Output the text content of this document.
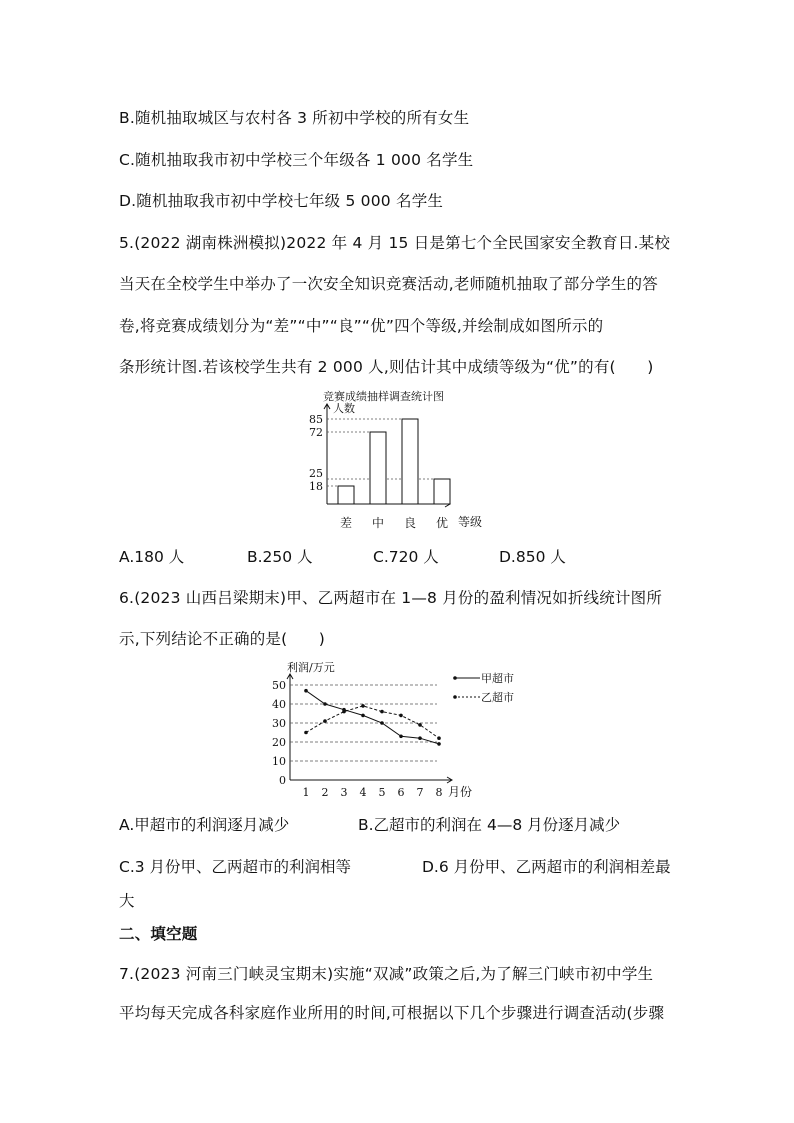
B.随机抽取城区与农村各 3 所初中学校的所有女生
C.随机抽取我市初中学校三个年级各 1 000 名学生
D.随机抽取我市初中学校七年级 5 000 名学生
5.(2022 湖南株洲模拟)2022 年 4 月 15 日是第七个全民国家安全教育日.某校
当天在全校学生中举办了一次安全知识竞赛活动,老师随机抽取了部分学生的答
卷,将竞赛成绩划分为“差”“中”“良”“优”四个等级,并绘制成如图所示的
条形统计图.若该校学生共有 2 000 人,则估计其中成绩等级为“优”的有(　　)
竞赛成绩抽样调查统计图
人数
18
25
72
85
差 中 良 优 等级
A.180 人	B.250 人	C.720 人	D.850 人
6.(2023 山西吕梁期末)甲、乙两超市在 1—8 月份的盈利情况如折线统计图所
示,下列结论不正确的是(　　)
利润/万元
0
10
20
30
40
50
1 2 3 4 5 6 7 8 月份
甲超市
乙超市
A.甲超市的利润逐月减少	B.乙超市的利润在 4—8 月份逐月减少
C.3 月份甲、乙两超市的利润相等	D.6 月份甲、乙两超市的利润相差最
大
二、填空题
7.(2023 河南三门峡灵宝期末)实施“双减”政策之后,为了解三门峡市初中学生
平均每天完成各科家庭作业所用的时间,可根据以下几个步骤进行调查活动(步骤
